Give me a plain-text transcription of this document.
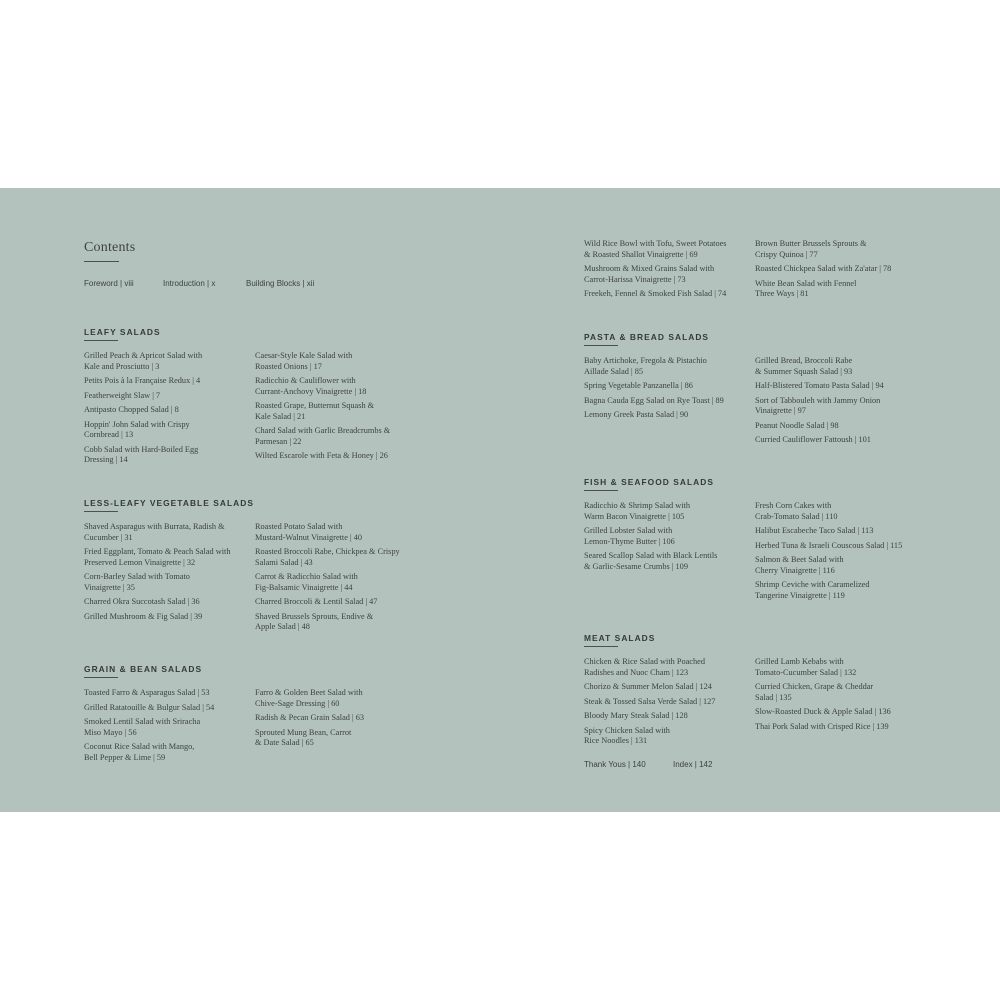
Contents
Foreword | viii	Introduction | x	Building Blocks | xii
LEAFY SALADS
Grilled Peach & Apricot Salad with
Kale and Prosciutto | 3
Petits Pois à la Française Redux | 4
Featherweight Slaw | 7
Antipasto Chopped Salad | 8
Hoppin' John Salad with Crispy
Cornbread | 13
Cobb Salad with Hard-Boiled Egg
Dressing | 14
Caesar-Style Kale Salad with
Roasted Onions | 17
Radicchio & Cauliflower with
Currant-Anchovy Vinaigrette | 18
Roasted Grape, Butternut Squash &
Kale Salad | 21
Chard Salad with Garlic Breadcrumbs &
Parmesan | 22
Wilted Escarole with Feta & Honey | 26
LESS-LEAFY VEGETABLE SALADS
Shaved Asparagus with Burrata, Radish &
Cucumber | 31
Fried Eggplant, Tomato & Peach Salad with
Preserved Lemon Vinaigrette | 32
Corn-Barley Salad with Tomato
Vinaigrette | 35
Charred Okra Succotash Salad | 36
Grilled Mushroom & Fig Salad | 39
Roasted Potato Salad with
Mustard-Walnut Vinaigrette | 40
Roasted Broccoli Rabe, Chickpea & Crispy
Salami Salad | 43
Carrot & Radicchio Salad with
Fig-Balsamic Vinaigrette | 44
Charred Broccoli & Lentil Salad | 47
Shaved Brussels Sprouts, Endive &
Apple Salad | 48
GRAIN & BEAN SALADS
Toasted Farro & Asparagus Salad | 53
Grilled Ratatouille & Bulgur Salad | 54
Smoked Lentil Salad with Sriracha
Miso Mayo | 56
Coconut Rice Salad with Mango,
Bell Pepper & Lime | 59
Farro & Golden Beet Salad with
Chive-Sage Dressing | 60
Radish & Pecan Grain Salad | 63
Sprouted Mung Bean, Carrot
& Date Salad | 65
Wild Rice Bowl with Tofu, Sweet Potatoes
& Roasted Shallot Vinaigrette | 69
Mushroom & Mixed Grains Salad with
Carrot-Harissa Vinaigrette | 73
Freekeh, Fennel & Smoked Fish Salad | 74
Brown Butter Brussels Sprouts &
Crispy Quinoa | 77
Roasted Chickpea Salad with Za'atar | 78
White Bean Salad with Fennel
Three Ways | 81
PASTA & BREAD SALADS
Baby Artichoke, Fregola & Pistachio
Aillade Salad | 85
Spring Vegetable Panzanella | 86
Bagna Cauda Egg Salad on Rye Toast | 89
Lemony Greek Pasta Salad | 90
Grilled Bread, Broccoli Rabe
& Summer Squash Salad | 93
Half-Blistered Tomato Pasta Salad | 94
Sort of Tabbouleh with Jammy Onion
Vinaigrette | 97
Peanut Noodle Salad | 98
Curried Cauliflower Fattoush | 101
FISH & SEAFOOD SALADS
Radicchio & Shrimp Salad with
Warm Bacon Vinaigrette | 105
Grilled Lobster Salad with
Lemon-Thyme Butter | 106
Seared Scallop Salad with Black Lentils
& Garlic-Sesame Crumbs | 109
Fresh Corn Cakes with
Crab-Tomato Salad | 110
Halibut Escabeche Taco Salad | 113
Herbed Tuna & Israeli Couscous Salad | 115
Salmon & Beet Salad with
Cherry Vinaigrette | 116
Shrimp Ceviche with Caramelized
Tangerine Vinaigrette | 119
MEAT SALADS
Chicken & Rice Salad with Poached
Radishes and Nuoc Cham | 123
Chorizo & Summer Melon Salad | 124
Steak & Tossed Salsa Verde Salad | 127
Bloody Mary Steak Salad | 128
Spicy Chicken Salad with
Rice Noodles | 131
Grilled Lamb Kebabs with
Tomato-Cucumber Salad | 132
Curried Chicken, Grape & Cheddar
Salad | 135
Slow-Roasted Duck & Apple Salad | 136
Thai Pork Salad with Crisped Rice | 139
Thank Yous | 140	Index | 142
